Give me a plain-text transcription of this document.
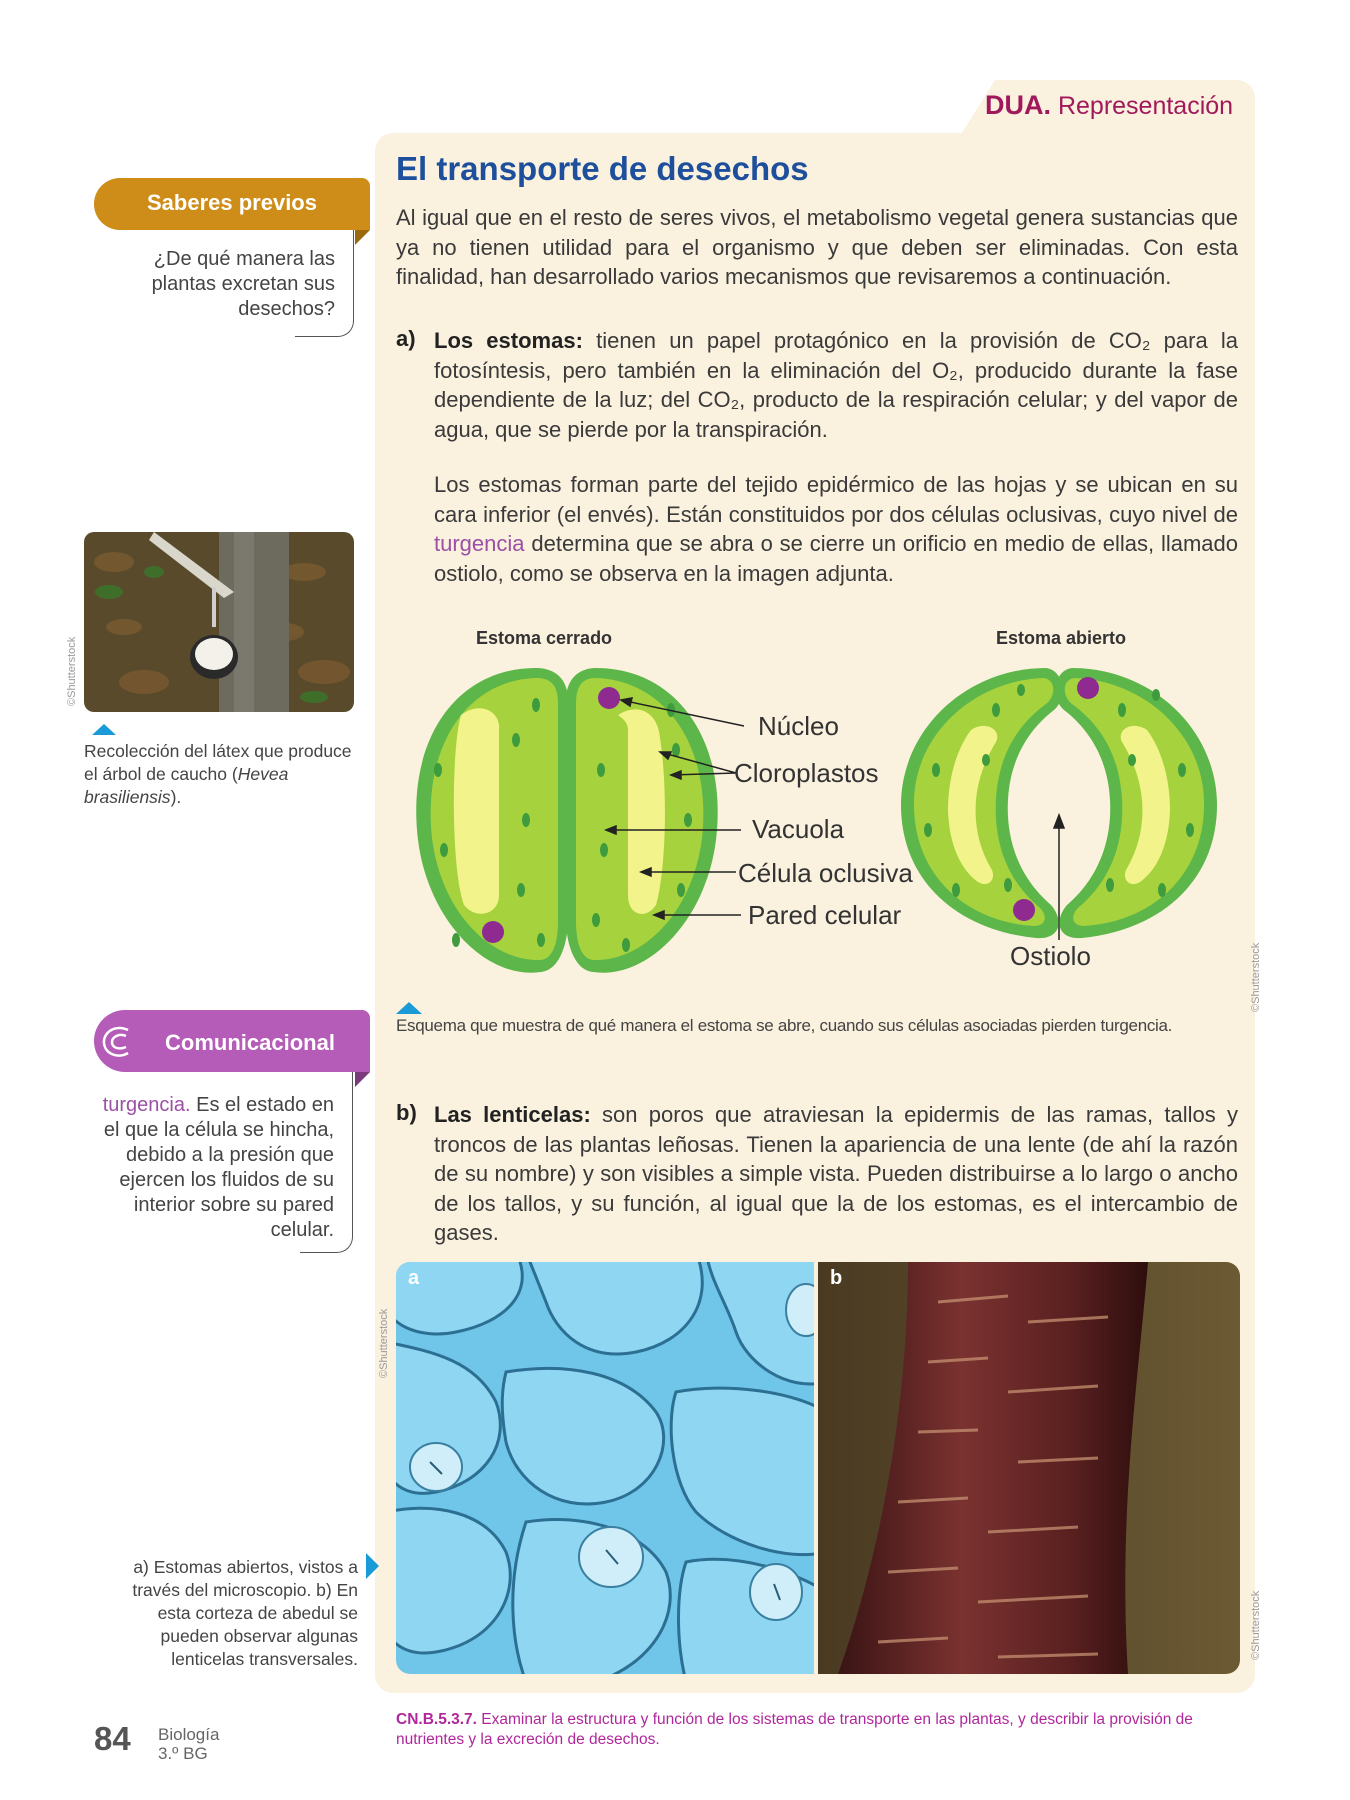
DUA. Representación
El transporte de desechos
Al igual que en el resto de seres vivos, el metabolismo vegetal genera sustancias que ya no tienen utilidad para el organismo y que deben ser eliminadas. Con esta finalidad, han desarrollado varios mecanismos que revisaremos a continuación.
a) Los estomas: tienen un papel protagónico en la provisión de CO₂ para la fotosíntesis, pero también en la eliminación del O₂, producido durante la fase dependiente de la luz; del CO₂, producto de la respiración celular; y del vapor de agua, que se pierde por la transpiración.
Los estomas forman parte del tejido epidérmico de las hojas y se ubican en su cara inferior (el envés). Están constituidos por dos células oclusivas, cuyo nivel de turgencia determina que se abra o se cierre un orificio en medio de ellas, llamado ostiolo, como se observa en la imagen adjunta.
Saberes previos
¿De qué manera las plantas excretan sus desechos?
©Shutterstock
Recolección del látex que produce el árbol de caucho (Hevea brasiliensis).
Estoma cerrado	Estoma abierto
Núcleo
Cloroplastos
Vacuola
Célula oclusiva
Pared celular
Ostiolo	©Shutterstock
Esquema que muestra de qué manera el estoma se abre, cuando sus células asociadas pierden turgencia.
Comunicacional
turgencia. Es el estado en el que la célula se hincha, debido a la presión que ejercen los fluidos de su interior sobre su pared celular.
b) Las lenticelas: son poros que atraviesan la epidermis de las ramas, tallos y troncos de las plantas leñosas. Tienen la apariencia de una lente (de ahí la razón de su nombre) y son visibles a simple vista. Pueden distribuirse a lo largo o ancho de los tallos, y su función, al igual que la de los estomas, es el intercambio de gases.
a	b
©Shutterstock
©Shutterstock
a) Estomas abiertos, vistos a través del microscopio. b) En esta corteza de abedul se pueden observar algunas lenticelas transversales.
CN.B.5.3.7. Examinar la estructura y función de los sistemas de transporte en las plantas, y describir la provisión de nutrientes y la excreción de desechos.
84 Biología
3.º BG
